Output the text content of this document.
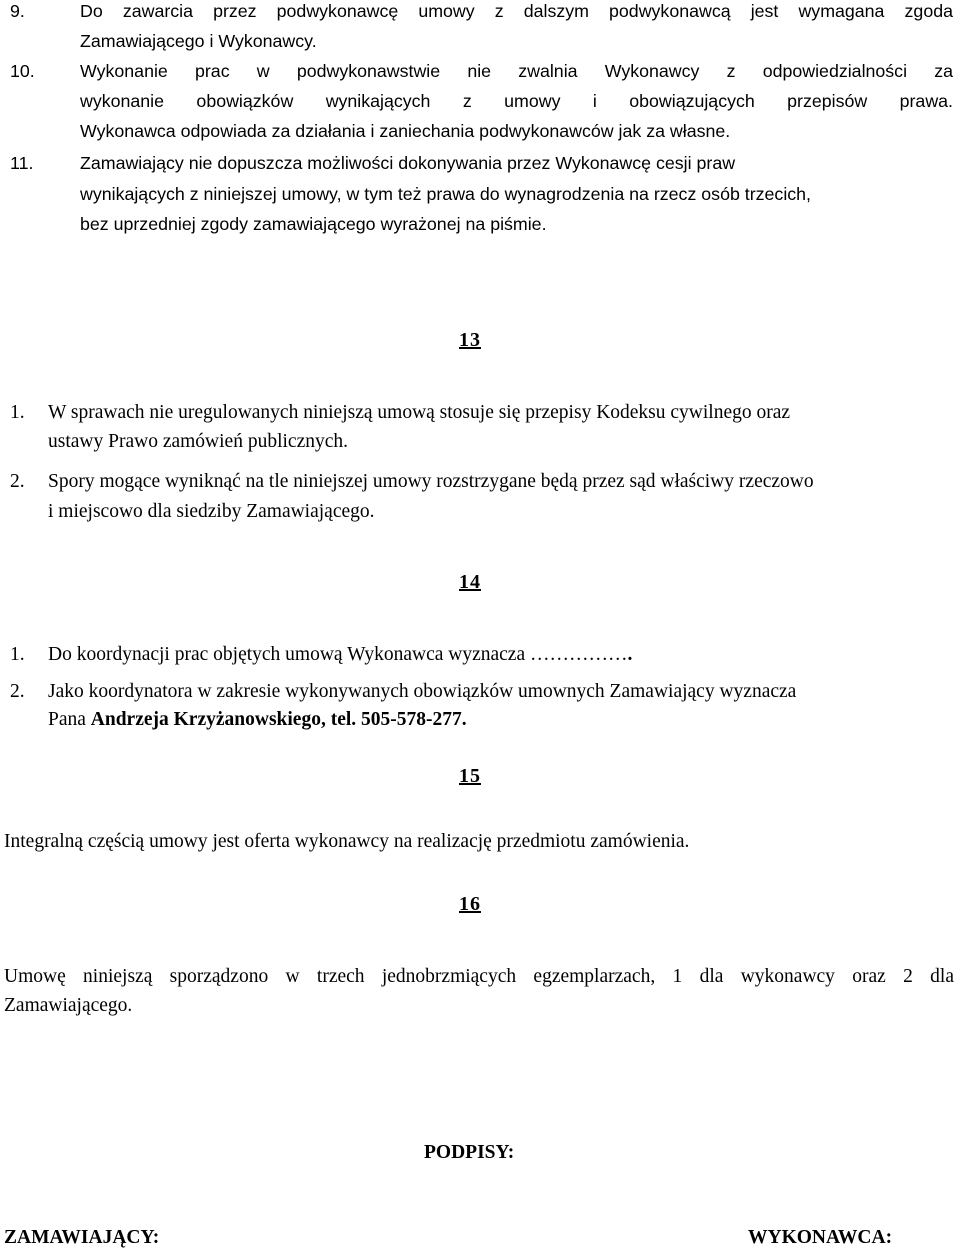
9.	Do zawarcia przez podwykonawcę umowy z dalszym podwykonawcą jest wymagana zgoda
Zamawiającego i Wykonawcy.
10.	Wykonanie prac w podwykonawstwie nie zwalnia Wykonawcy z odpowiedzialności za
wykonanie obowiązków wynikających z umowy i obowiązujących przepisów prawa.
Wykonawca odpowiada za działania i zaniechania podwykonawców jak za własne.
11.	Zamawiający nie dopuszcza możliwości dokonywania przez Wykonawcę cesji praw
wynikających z niniejszej umowy, w tym też prawa do wynagrodzenia na rzecz osób trzecich,
bez uprzedniej zgody zamawiającego wyrażonej na piśmie.
13
1. W sprawach nie uregulowanych niniejszą umową stosuje się przepisy Kodeksu cywilnego oraz
ustawy Prawo zamówień publicznych.
2. Spory mogące wyniknąć na tle niniejszej umowy rozstrzygane będą przez sąd właściwy rzeczowo
i miejscowo dla siedziby Zamawiającego.
14
1. Do koordynacji prac objętych umową Wykonawca wyznacza …………….
2. Jako koordynatora w zakresie wykonywanych obowiązków umownych Zamawiający wyznacza
Pana Andrzeja Krzyżanowskiego, tel. 505-578-277.
15
Integralną częścią umowy jest oferta wykonawcy na realizację przedmiotu zamówienia.
16
Umowę niniejszą sporządzono w trzech jednobrzmiących egzemplarzach, 1 dla wykonawcy oraz 2 dla
Zamawiającego.
PODPISY:
ZAMAWIAJĄCY:	WYKONAWCA:
